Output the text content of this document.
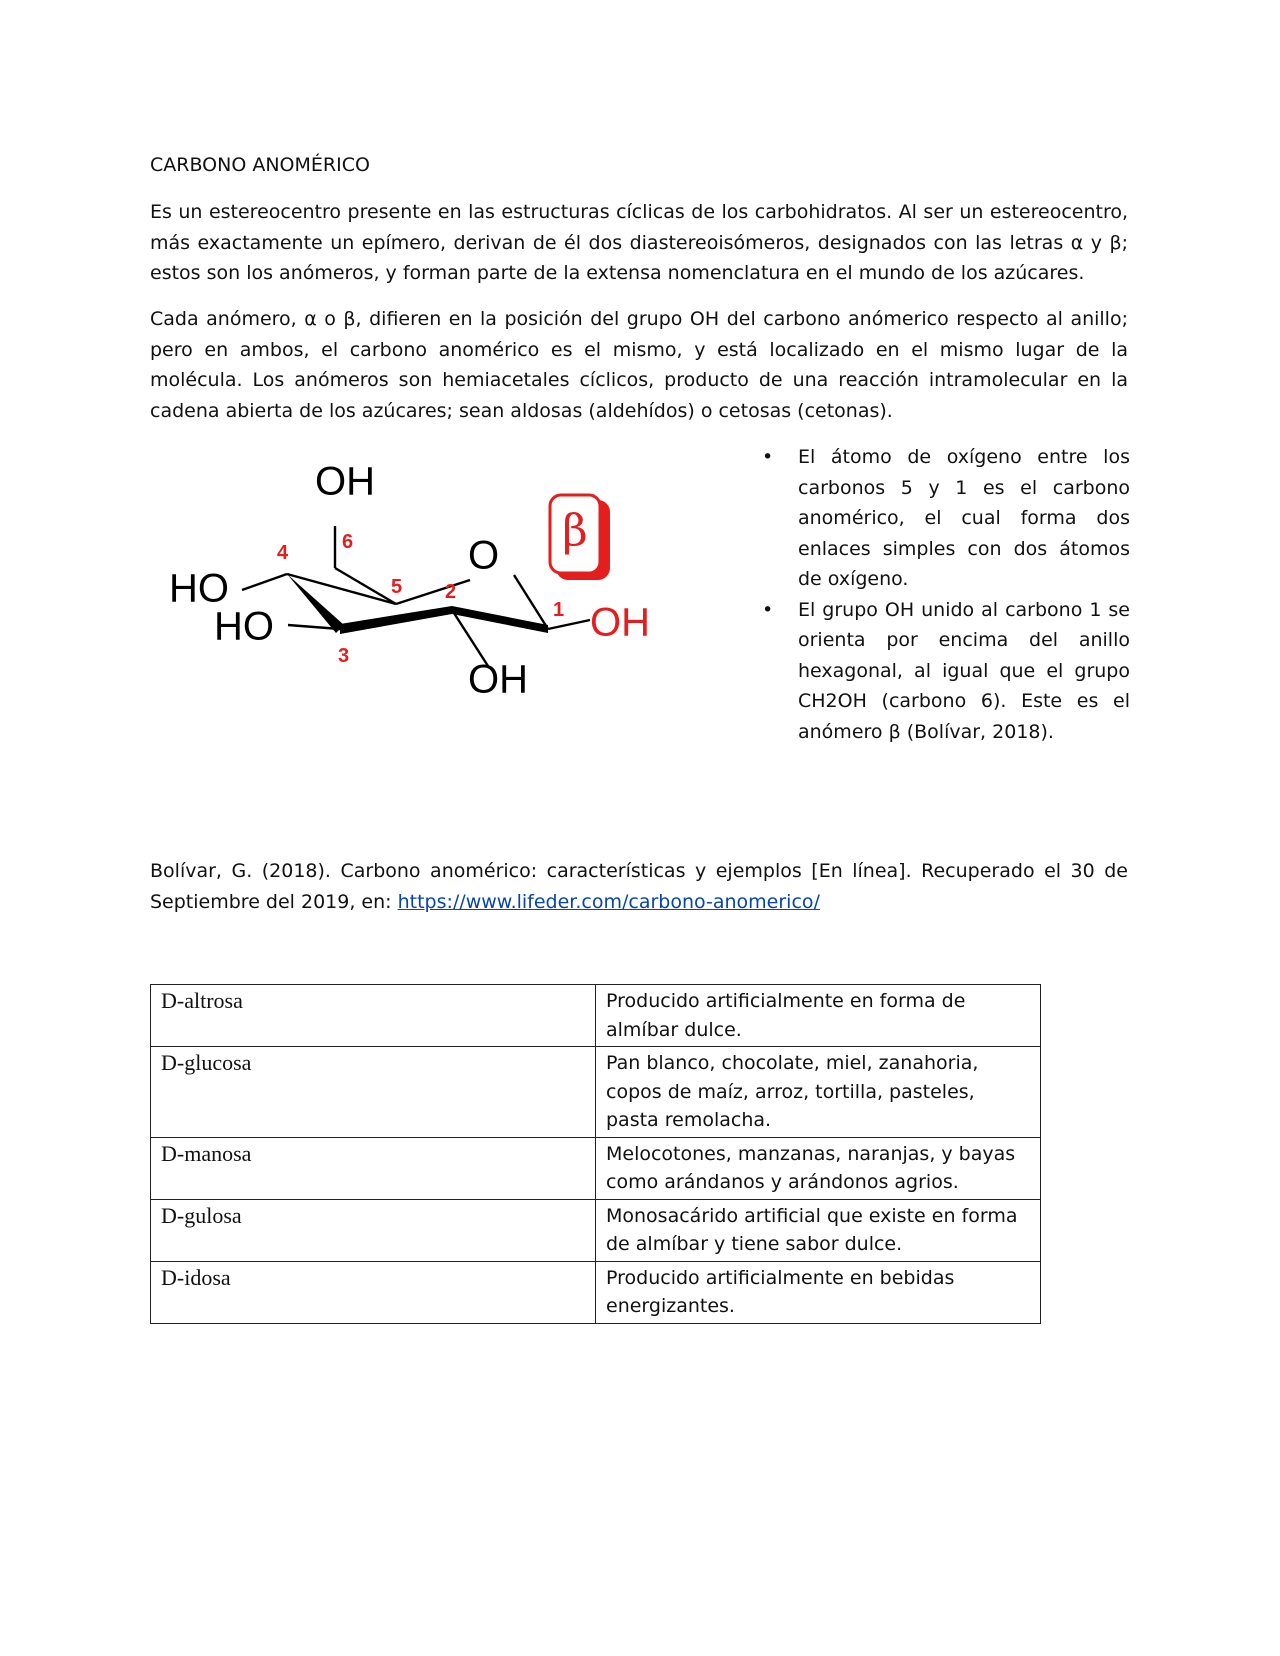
CARBONO ANOMÉRICO

Es un estereocentro presente en las estructuras cíclicas de los carbohidratos. Al ser un estereocentro, más exactamente un epímero, derivan de él dos diastereoisómeros, designados con las letras α y β; estos son los anómeros, y forman parte de la extensa nomenclatura en el mundo de los azúcares.

Cada anómero, α o β, difieren en la posición del grupo OH del carbono anómerico respecto al anillo; pero en ambos, el carbono anomérico es el mismo, y está localizado en el mismo lugar de la molécula. Los anómeros son hemiacetales cíclicos, producto de una reacción intramolecular en la cadena abierta de los azúcares; sean aldosas (aldehídos) o cetosas (cetonas).

OH
HO
HO
O
OH
OH
1
2
3
4
5
6	β
• El átomo de oxígeno entre los carbonos 5 y 1 es el carbono anomérico, el cual forma dos enlaces simples con dos átomos de oxígeno.
• El grupo OH unido al carbono 1 se orienta por encima del anillo hexagonal, al igual que el grupo CH2OH (carbono 6). Este es el anómero β (Bolívar, 2018).

Bolívar, G. (2018). Carbono anomérico: características y ejemplos [En línea]. Recuperado el 30 de Septiembre del 2019, en: https://www.lifeder.com/carbono-anomerico/

D-altrosa	Producido artificialmente en forma de almíbar dulce.
D-glucosa	Pan blanco, chocolate, miel, zanahoria, copos de maíz, arroz, tortilla, pasteles, pasta remolacha.
D-manosa	Melocotones, manzanas, naranjas, y bayas como arándanos y arándonos agrios.
D-gulosa	Monosacárido artificial que existe en forma de almíbar y tiene sabor dulce.
D-idosa	Producido artificialmente en bebidas energizantes.
